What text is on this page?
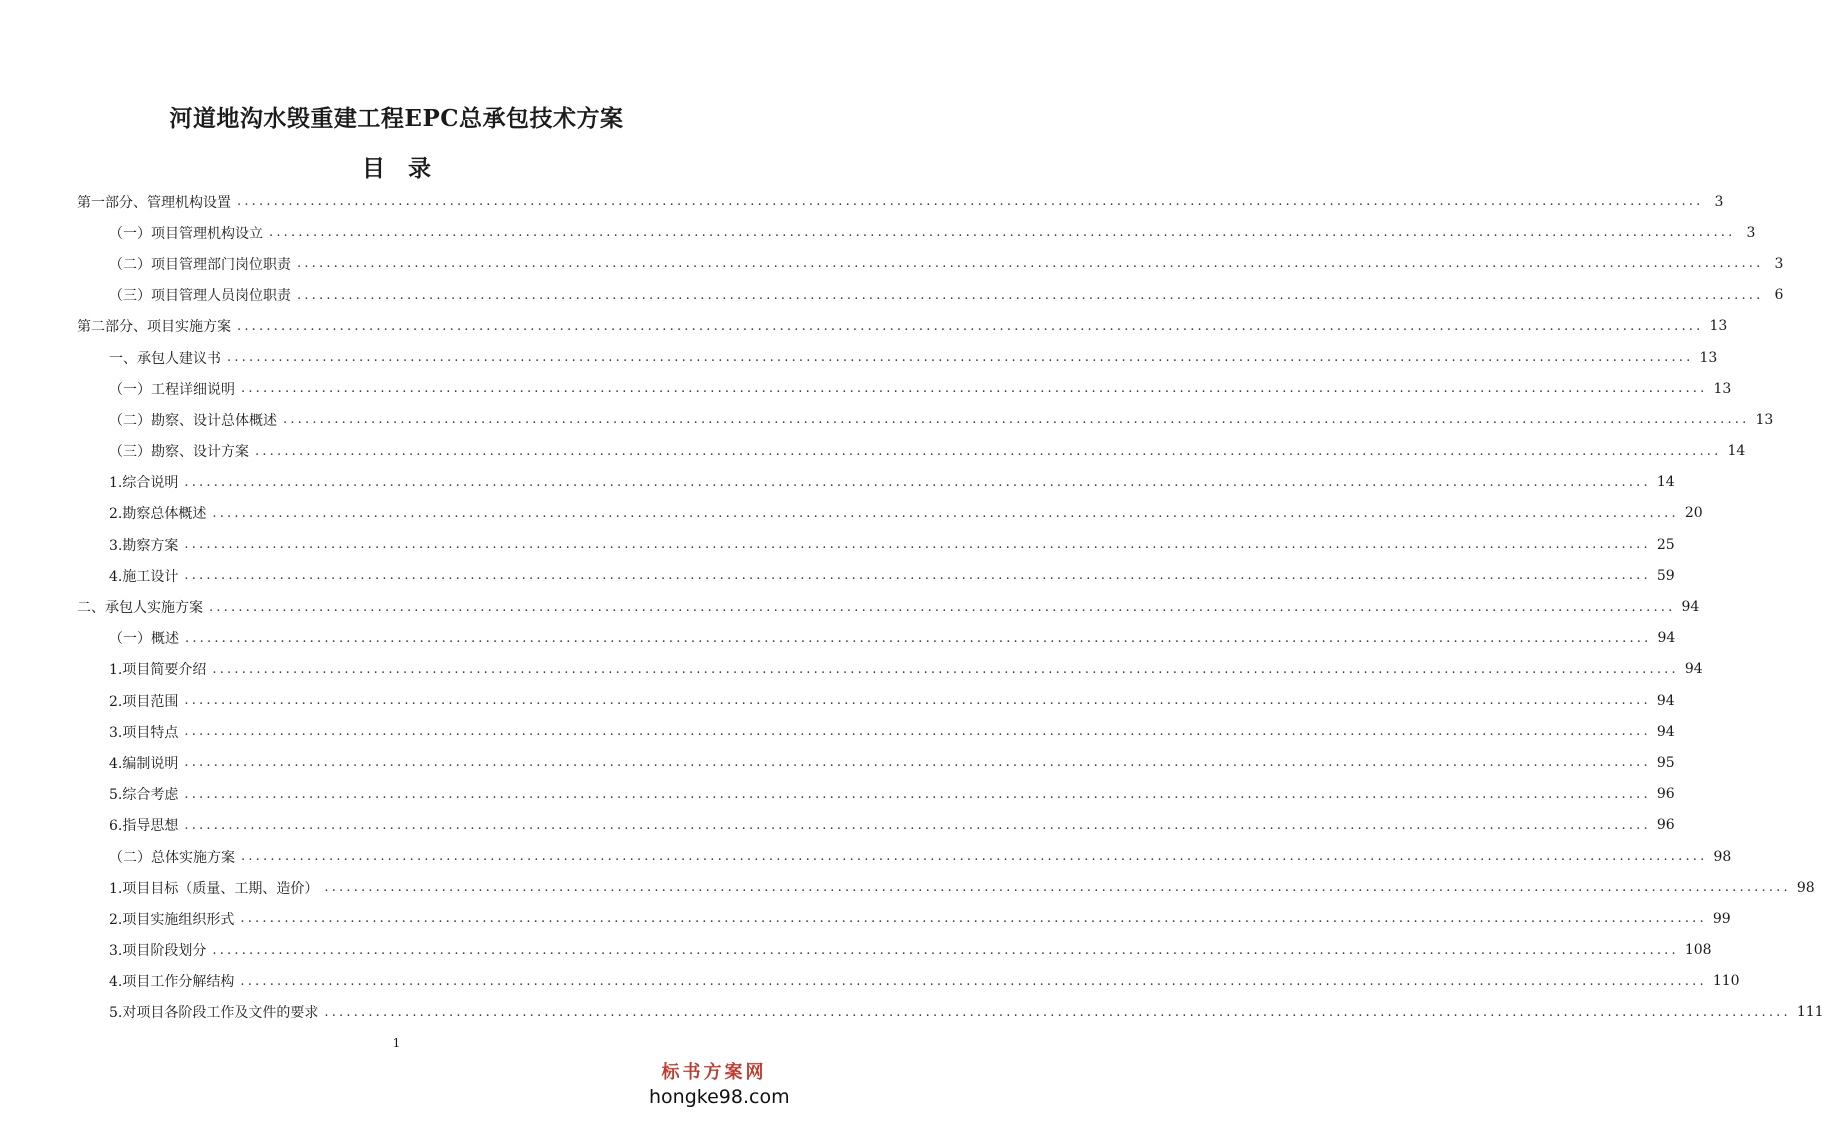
河道地沟水毁重建工程EPC总承包技术方案
目　录
第一部分、管理机构设置 ........................................................................................................................................................................................................ 3
（一）项目管理机构设立 ........................................................................................................................................................................................................ 3
（二）项目管理部门岗位职责 ........................................................................................................................................................................................................ 3
（三）项目管理人员岗位职责 ........................................................................................................................................................................................................ 6
第二部分、项目实施方案 ........................................................................................................................................................................................................ 13
一、承包人建议书 ........................................................................................................................................................................................................ 13
（一）工程详细说明 ........................................................................................................................................................................................................ 13
（二）勘察、设计总体概述 ........................................................................................................................................................................................................ 13
（三）勘察、设计方案 ........................................................................................................................................................................................................ 14
1.综合说明 ........................................................................................................................................................................................................ 14
2.勘察总体概述 ........................................................................................................................................................................................................ 20
3.勘察方案 ........................................................................................................................................................................................................ 25
4.施工设计 ........................................................................................................................................................................................................ 59
二、承包人实施方案 ........................................................................................................................................................................................................ 94
（一）概述 ........................................................................................................................................................................................................ 94
1.项目简要介绍 ........................................................................................................................................................................................................ 94
2.项目范围 ........................................................................................................................................................................................................ 94
3.项目特点 ........................................................................................................................................................................................................ 94
4.编制说明 ........................................................................................................................................................................................................ 95
5.综合考虑 ........................................................................................................................................................................................................ 96
6.指导思想 ........................................................................................................................................................................................................ 96
（二）总体实施方案 ........................................................................................................................................................................................................ 98
1.项目目标（质量、工期、造价） ........................................................................................................................................................................................................ 98
2.项目实施组织形式 ........................................................................................................................................................................................................ 99
3.项目阶段划分 ........................................................................................................................................................................................................ 108
4.项目工作分解结构 ........................................................................................................................................................................................................ 110
5.对项目各阶段工作及文件的要求 ........................................................................................................................................................................................................ 111
1
标书方案网
hongke98.com
